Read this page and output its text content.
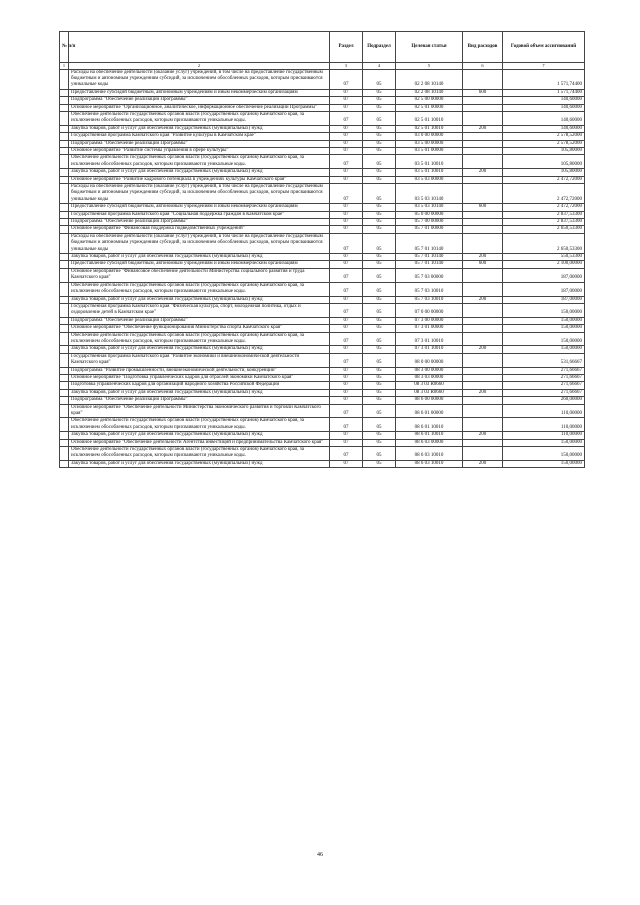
№ п/п		Раздел	Подраздел	Целевая статья	Вид расходов	Годовой объем ассигнований
1	2	3	4	5	6	7
	Расходы на обеспечение деятельности (оказание услуг) учреждений, в том числе на предоставление государственным бюджетным и автономным учреждениям субсидий, за исключением обособленных расходов, которым присваиваются уникальные коды	07	05	02 2 08 10140		1 571,74400
	Предоставление субсидий бюджетным, автономным учреждениям и иным некоммерческим организациям	07	05	02 2 08 10140	600	1 571,74400
	Подпрограмма "Обеспечение реализации Программы"	07	05	02 5 00 00000		140,60000
	Основное мероприятие "Организационное, аналитическое, информационное обеспечение реализации Программы"	07	05	02 5 01 00000		140,60000
	Обеспечение деятельности государственных органов власти (государственных органов) Камчатского края, за исключением обособленных расходов, которым присваиваются уникальные коды.	07	05	02 5 01 10010		140,60000
	Закупка товаров, работ и услуг для обеспечения государственных (муниципальных) нужд	07	05	02 5 01 10010	200	140,60000
	Государственная программа Камчатского края "Развитие культуры в Камчатском крае"	07	05	03 0 00 00000		2 578,52000
	Подпрограмма "Обеспечение реализации Программы"	07	05	03 5 00 00000		2 578,52000
	Основное мероприятие "Развитие системы управления в сфере культуры"	07	05	03 5 01 00000		105,80000
	Обеспечение деятельности государственных органов власти (государственных органов) Камчатского края, за исключением обособленных расходов, которым присваиваются уникальные коды.	07	05	03 5 01 10010		105,80000
	Закупка товаров, работ и услуг для обеспечения государственных (муниципальных) нужд	07	05	03 5 01 10010	200	105,80000
	Основное мероприятие "Развитие кадрового потенциала в учреждениях культуры Камчатского края"	07	05	03 5 03 00000		2 472,72000
	Расходы на обеспечение деятельности (оказание услуг) учреждений, в том числе на предоставление государственным бюджетным и автономным учреждениям субсидий, за исключением обособленных расходов, которым присваиваются уникальные коды	07	05	03 5 03 10140		2 472,72000
	Предоставление субсидий бюджетным, автономным учреждениям и иным некоммерческим организациям	07	05	03 5 03 10140	600	2 472,72000
	Государственная программа Камчатского края "Социальная поддержка граждан в Камчатском крае"	07	05	05 0 00 00000		2 837,53300
	Подпрограмма "Обеспечение реализации Программы"	07	05	05 7 00 00000		2 837,53300
	Основное мероприятие "Финансовая поддержка подведомственных учреждений"	07	05	05 7 01 00000		2 650,53300
	Расходы на обеспечение деятельности (оказание услуг) учреждений, в том числе на предоставление государственным бюджетным и автономным учреждениям субсидий, за исключением обособленных расходов, которым присваиваются уникальные коды	07	05	05 7 01 10140		2 650,53300
	Закупка товаров, работ и услуг для обеспечения государственных (муниципальных) нужд	07	05	05 7 01 10140	200	550,53300
	Предоставление субсидий бюджетным, автономным учреждениям и иным некоммерческим организациям	07	05	05 7 01 10140	600	2 100,00000
	Основное мероприятие "Финансовое обеспечение деятельности Министерства социального развития и труда Камчатского края"	07	05	05 7 03 00000		187,00000
	Обеспечение деятельности государственных органов власти (государственных органов) Камчатского края, за исключением обособленных расходов, которым присваиваются уникальные коды.	07	05	05 7 03 10010		187,00000
	Закупка товаров, работ и услуг для обеспечения государственных (муниципальных) нужд	07	05	05 7 03 10010	200	187,00000
	Государственная программа Камчатского края "Физическая культура, спорт, молодежная политика, отдых и оздоровление детей в Камчатском крае"	07	05	07 0 00 00000		150,00000
	Подпрограмма "Обеспечение реализации Программы"	07	05	07 3 00 00000		150,00000
	Основное мероприятие "Обеспечение функционирования Министерства спорта Камчатского края"	07	05	07 3 01 00000		150,00000
	Обеспечение деятельности государственных органов власти (государственных органов) Камчатского края, за исключением обособленных расходов, которым присваиваются уникальные коды.	07	05	07 3 01 10010		150,00000
	Закупка товаров, работ и услуг для обеспечения государственных (муниципальных) нужд	07	05	07 3 01 10010	200	150,00000
	Государственная программа Камчатского края "Развитие экономики и внешнеэкономической деятельности Камчатского края"	07	05	08 0 00 00000		531,66667
	Подпрограмма "Развитие промышленности, внешнеэкономической деятельности, конкуренции"	07	05	08 3 00 00000		271,66667
	Основное мероприятие "Подготовка управленческих кадров для отраслей экономики Камчатского края"	07	05	08 3 03 00000		271,66667
	Подготовка управленческих кадров для организаций народного хозяйства Российской Федерации	07	05	08 3 03 R0660		271,66667
	Закупка товаров, работ и услуг для обеспечения государственных (муниципальных) нужд	07	05	08 3 03 R0660	200	271,66667
	Подпрограмма "Обеспечение реализации Программы"	07	05	08 6 00 00000		260,00000
	Основное мероприятие "Обеспечение деятельности Министерства экономического развития и торговли Камчатского края"	07	05	08 6 01 00000		110,00000
	Обеспечение деятельности государственных органов власти (государственных органов) Камчатского края, за исключением обособленных расходов, которым присваиваются уникальные коды.	07	05	08 6 01 10010		110,00000
	Закупка товаров, работ и услуг для обеспечения государственных (муниципальных) нужд	07	05	08 6 01 10010	200	110,00000
	Основное мероприятие "Обеспечение деятельности Агентства инвестиций и предпринимательства Камчатского края"	07	05	08 6 03 00000		150,00000
	Обеспечение деятельности государственных органов власти (государственных органов) Камчатского края, за исключением обособленных расходов, которым присваиваются уникальные коды.	07	05	08 6 03 10010		150,00000
	Закупка товаров, работ и услуг для обеспечения государственных (муниципальных) нужд	07	05	08 6 03 10010	200	150,00000
46
